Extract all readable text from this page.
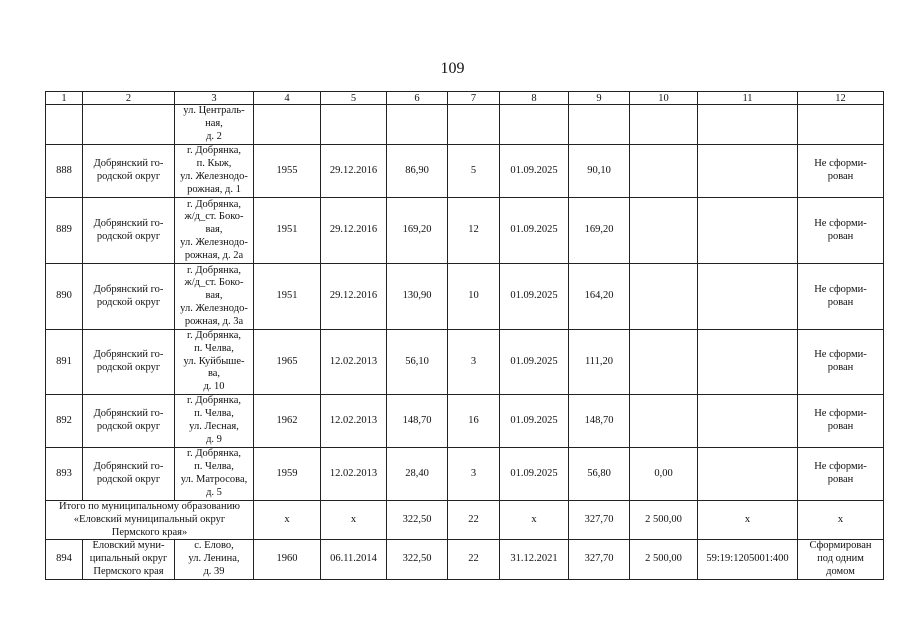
109
1	2	3	4	5	6	7	8	9	10	11	12
		ул. Централь-
ная,
д. 2									
888	Добрянский го-
родской округ	г. Добрянка,
п. Кыж,
ул. Железнодо-
рожная, д. 1	1955	29.12.2016	86,90	5	01.09.2025	90,10			Не сформи-
рован
889	Добрянский го-
родской округ	г. Добрянка,
ж/д_ст. Боко-
вая,
ул. Железнодо-
рожная, д. 2а	1951	29.12.2016	169,20	12	01.09.2025	169,20			Не сформи-
рован
890	Добрянский го-
родской округ	г. Добрянка,
ж/д_ст. Боко-
вая,
ул. Железнодо-
рожная, д. 3а	1951	29.12.2016	130,90	10	01.09.2025	164,20			Не сформи-
рован
891	Добрянский го-
родской округ	г. Добрянка,
п. Челва,
ул. Куйбыше-
ва,
д. 10	1965	12.02.2013	56,10	3	01.09.2025	111,20			Не сформи-
рован
892	Добрянский го-
родской округ	г. Добрянка,
п. Челва,
ул. Лесная,
д. 9	1962	12.02.2013	148,70	16	01.09.2025	148,70			Не сформи-
рован
893	Добрянский го-
родской округ	г. Добрянка,
п. Челва,
ул. Матросова,
д. 5	1959	12.02.2013	28,40	3	01.09.2025	56,80	0,00		Не сформи-
рован
Итого по муниципальному образованию
«Еловский муниципальный округ
Пермского края»			х	х	322,50	22	х	327,70	2 500,00	х	х
894	Еловский муни-
ципальный округ
Пермского края	с. Елово,
ул. Ленина,
д. 39	1960	06.11.2014	322,50	22	31.12.2021	327,70	2 500,00	59:19:1205001:400	Сформирован
под одним
домом
